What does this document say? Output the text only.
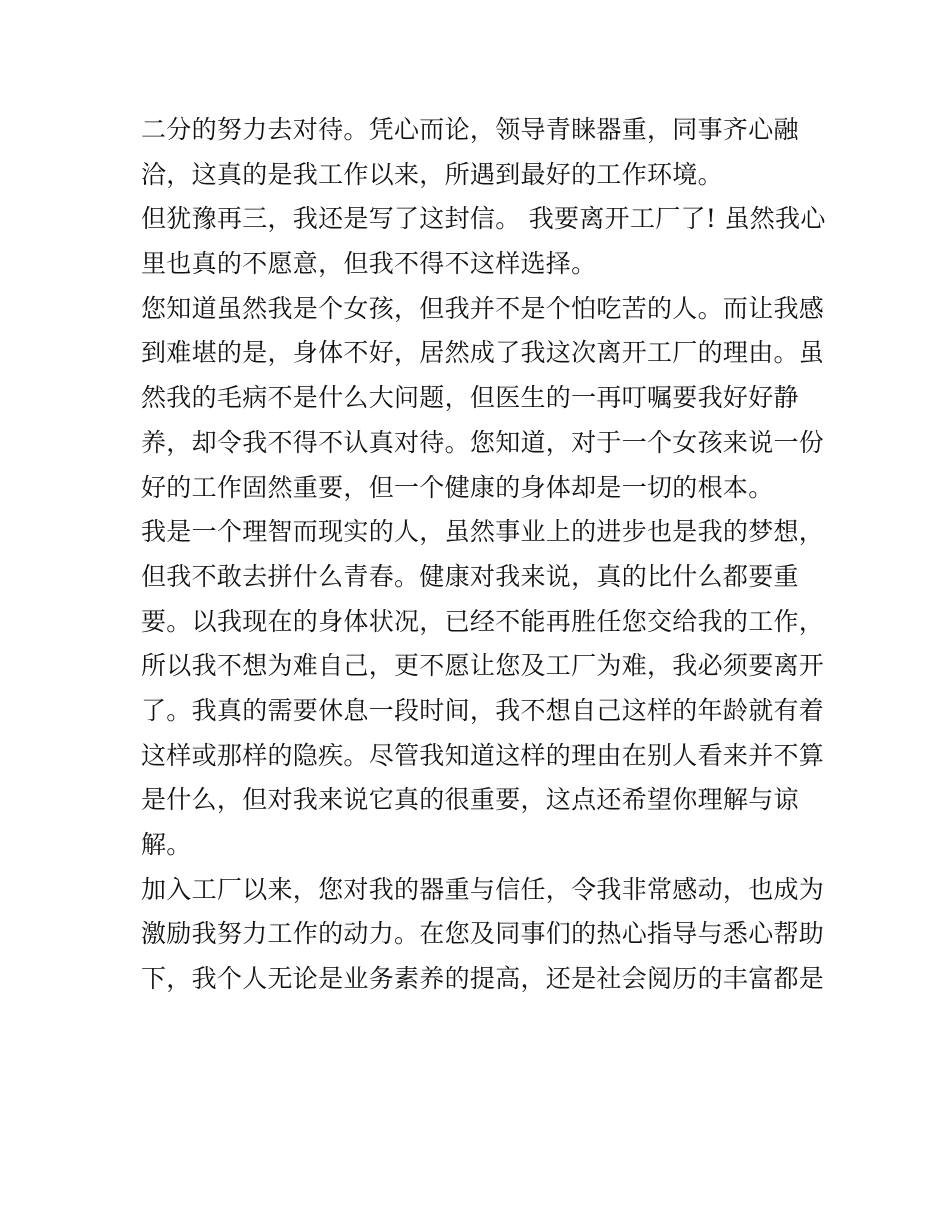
二分的努力去对待。凭心而论，领导青睐器重，同事齐心融
洽，这真的是我工作以来，所遇到最好的工作环境。
但犹豫再三，我还是写了这封信。 我要离开工厂了! 虽然我心
里也真的不愿意，但我不得不这样选择。
您知道虽然我是个女孩，但我并不是个怕吃苦的人。而让我感
到难堪的是，身体不好，居然成了我这次离开工厂的理由。虽
然我的毛病不是什么大问题，但医生的一再叮嘱要我好好静
养，却令我不得不认真对待。您知道，对于一个女孩来说一份
好的工作固然重要，但一个健康的身体却是一切的根本。
我是一个理智而现实的人，虽然事业上的进步也是我的梦想，
但我不敢去拼什么青春。健康对我来说，真的比什么都要重
要。以我现在的身体状况，已经不能再胜任您交给我的工作，
所以我不想为难自己，更不愿让您及工厂为难，我必须要离开
了。我真的需要休息一段时间，我不想自己这样的年龄就有着
这样或那样的隐疾。尽管我知道这样的理由在别人看来并不算
是什么，但对我来说它真的很重要，这点还希望你理解与谅
解。
加入工厂以来，您对我的器重与信任，令我非常感动，也成为
激励我努力工作的动力。在您及同事们的热心指导与悉心帮助
下，我个人无论是业务素养的提高，还是社会阅历的丰富都是
